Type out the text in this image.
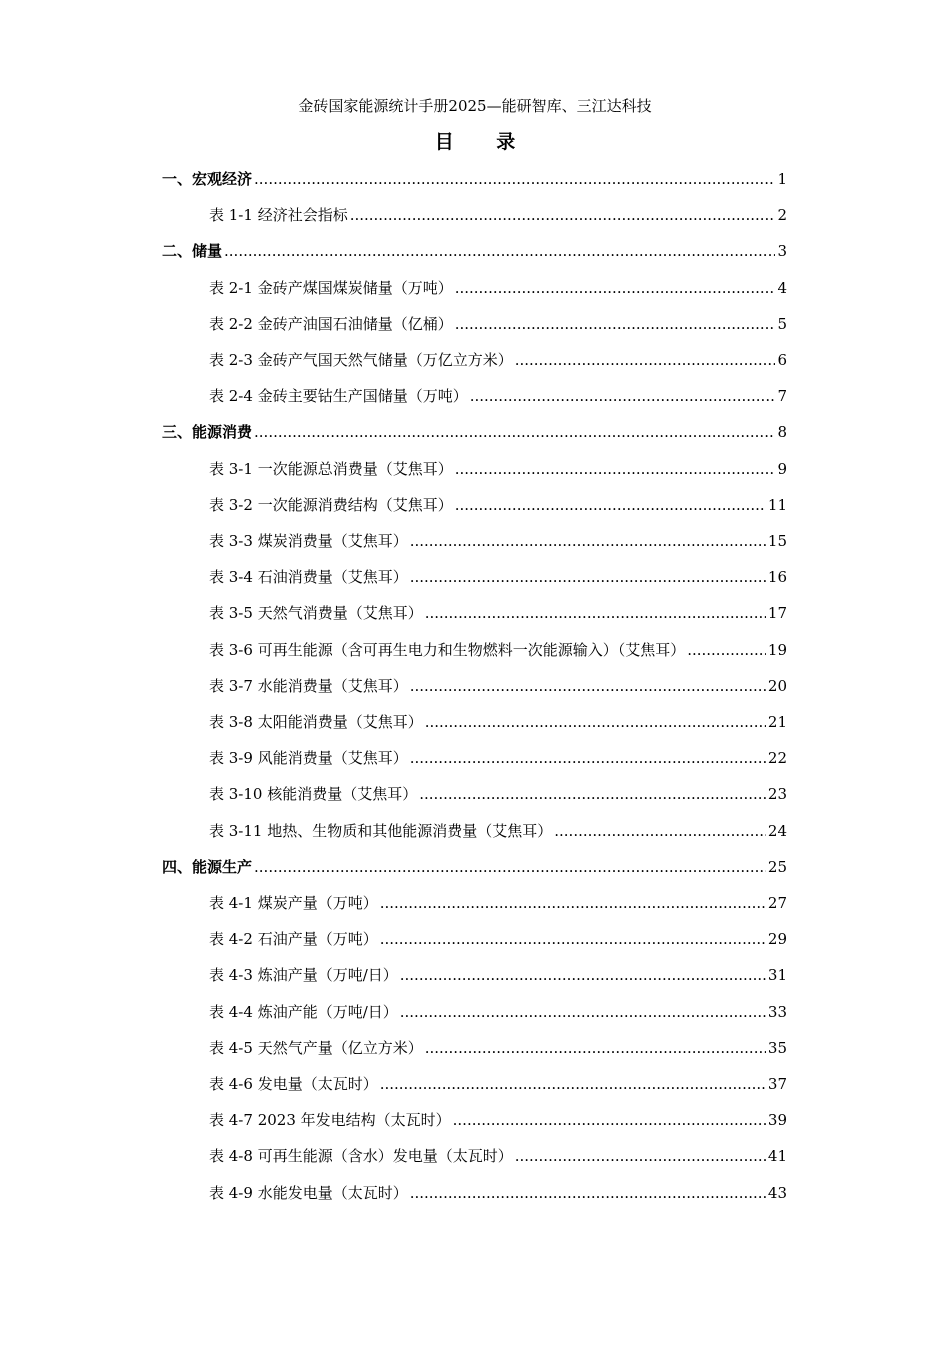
金砖国家能源统计手册2025—能研智库、三江达科技
目 录
一、宏观经济 .....	1
表 1-1 经济社会指标 .....	2
二、储量 .....	3
表 2-1 金砖产煤国煤炭储量（万吨） .....	4
表 2-2 金砖产油国石油储量（亿桶） .....	5
表 2-3 金砖产气国天然气储量（万亿立方米） .....	6
表 2-4 金砖主要钴生产国储量（万吨） .....	7
三、能源消费 .....	8
表 3-1 一次能源总消费量（艾焦耳） .....	9
表 3-2 一次能源消费结构（艾焦耳） .....	11
表 3-3 煤炭消费量（艾焦耳） .....	15
表 3-4 石油消费量（艾焦耳） .....	16
表 3-5 天然气消费量（艾焦耳） .....	17
表 3-6 可再生能源（含可再生电力和生物燃料一次能源输入）（艾焦耳） .....	19
表 3-7 水能消费量（艾焦耳） .....	20
表 3-8 太阳能消费量（艾焦耳） .....	21
表 3-9 风能消费量（艾焦耳） .....	22
表 3-10 核能消费量（艾焦耳） .....	23
表 3-11 地热、生物质和其他能源消费量（艾焦耳） .....	24
四、能源生产 .....	25
表 4-1 煤炭产量（万吨） .....	27
表 4-2 石油产量（万吨） .....	29
表 4-3 炼油产量（万吨/日） .....	31
表 4-4 炼油产能（万吨/日） .....	33
表 4-5 天然气产量（亿立方米） .....	35
表 4-6 发电量（太瓦时） .....	37
表 4-7 2023 年发电结构（太瓦时） .....	39
表 4-8 可再生能源（含水）发电量（太瓦时） .....	41
表 4-9 水能发电量（太瓦时） .....	43
